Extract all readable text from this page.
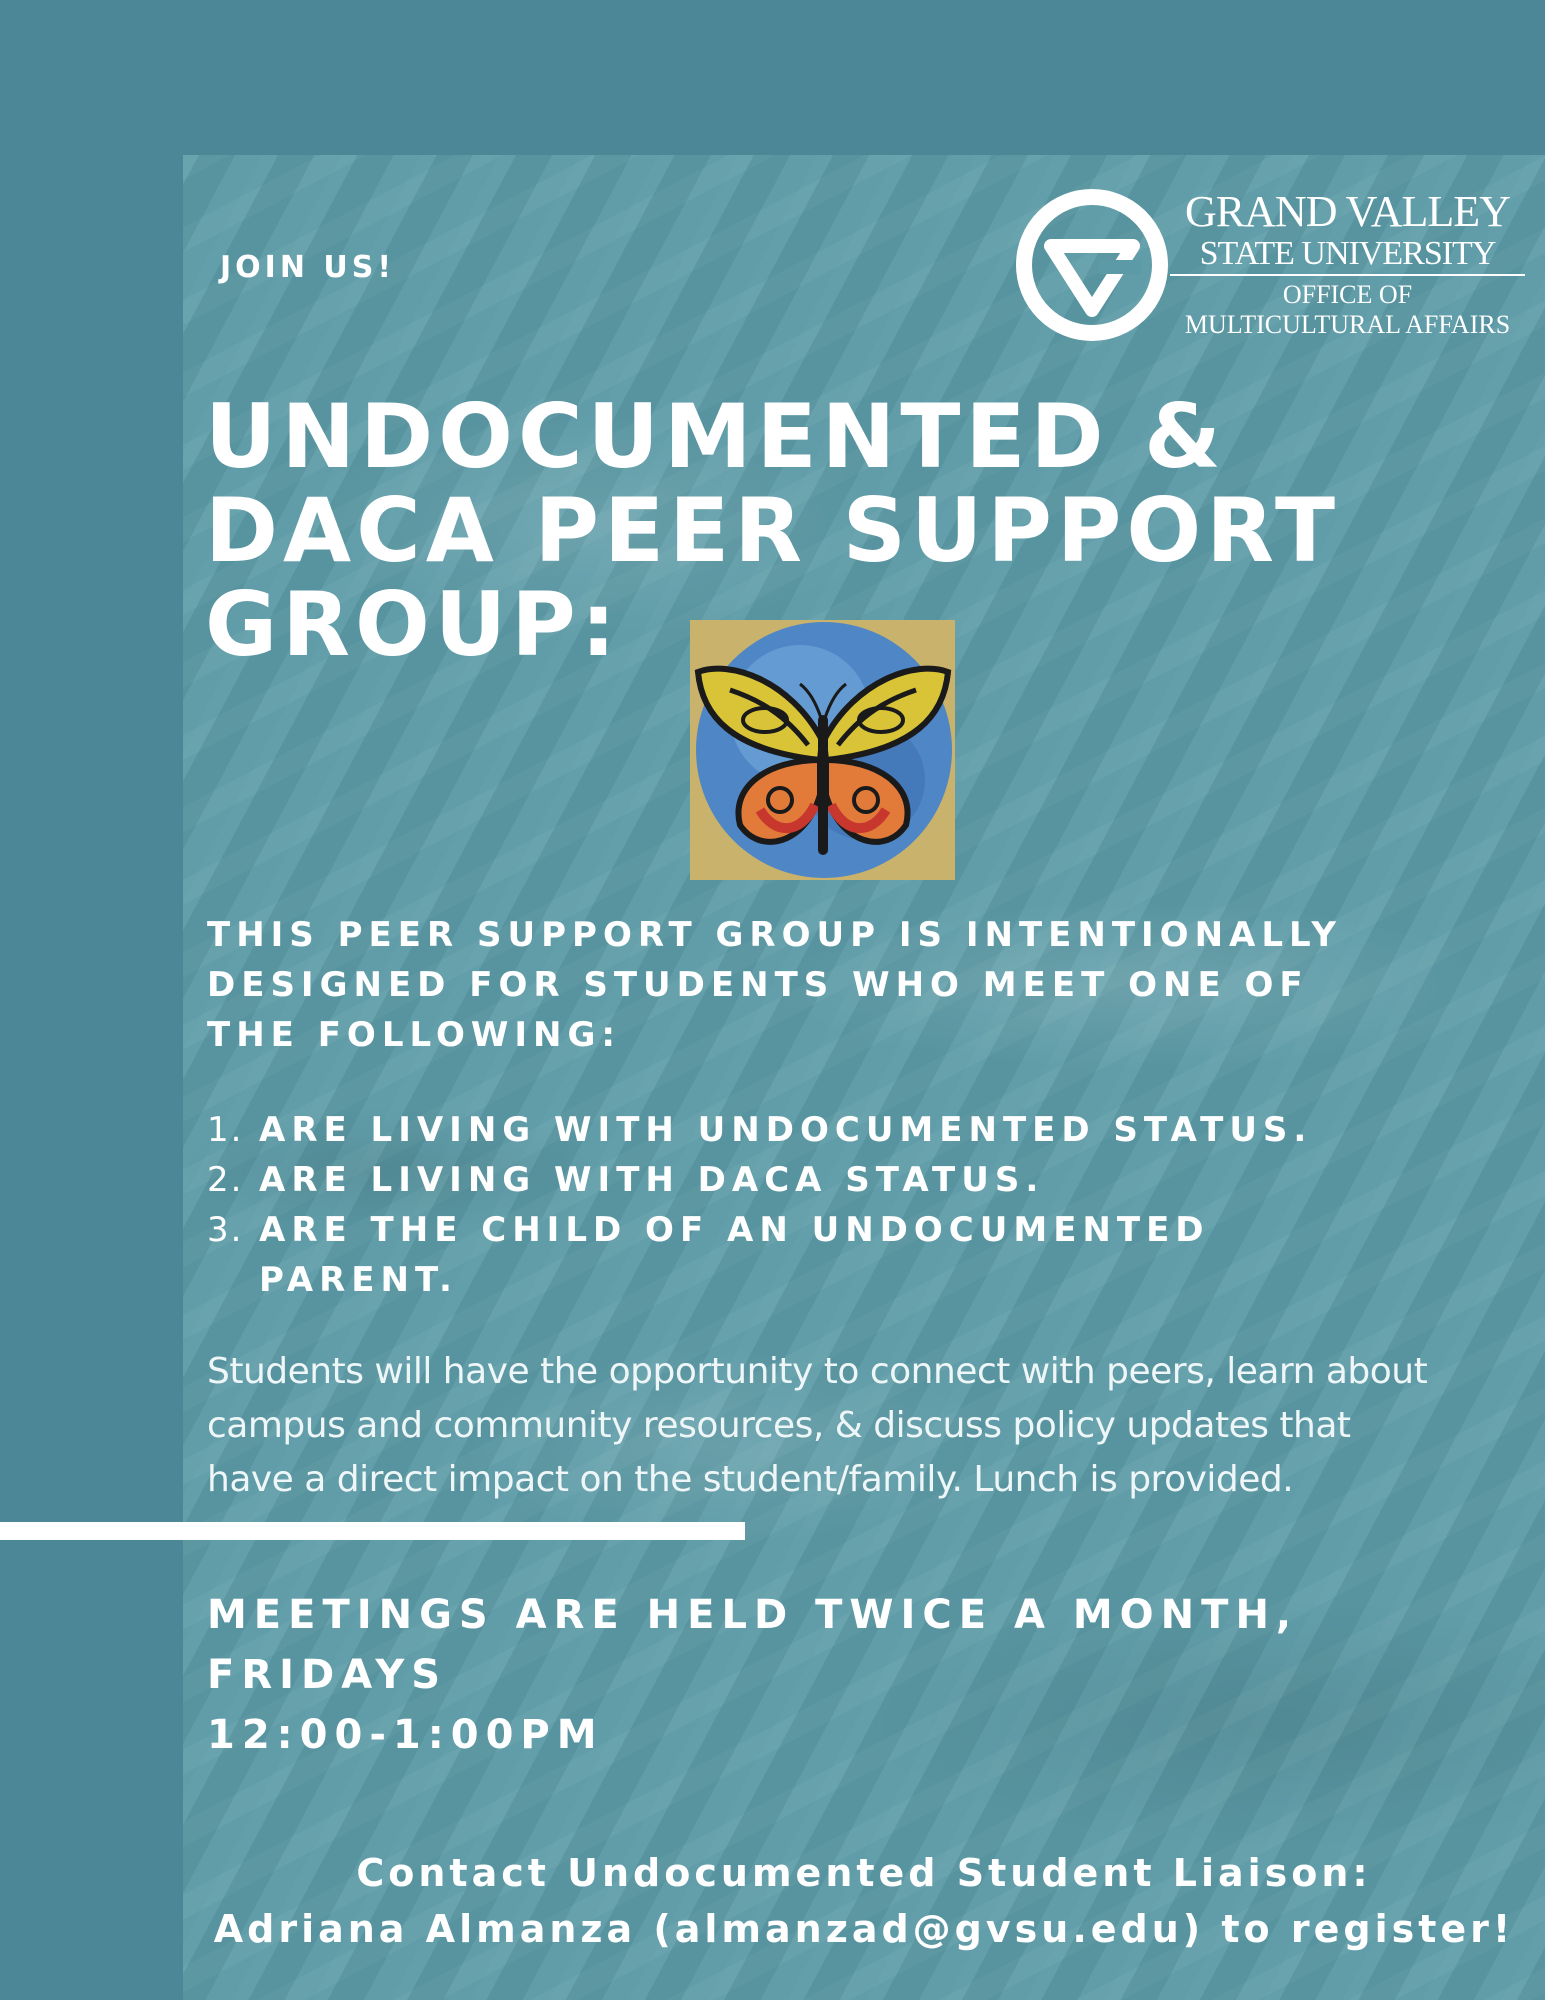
JOIN US!
GRAND VALLEY
STATE UNIVERSITY
OFFICE OF
MULTICULTURAL AFFAIRS
UNDOCUMENTED &
DACA PEER SUPPORT
GROUP:
THIS PEER SUPPORT GROUP IS INTENTIONALLY DESIGNED FOR STUDENTS WHO MEET ONE OF THE FOLLOWING:
1. ARE LIVING WITH UNDOCUMENTED STATUS.
2. ARE LIVING WITH DACA STATUS.
3. ARE THE CHILD OF AN UNDOCUMENTED PARENT.
Students will have the opportunity to connect with peers, learn about campus and community resources, & discuss policy updates that have a direct impact on the student/family. Lunch is provided.
MEETINGS ARE HELD TWICE A MONTH,
FRIDAYS
12:00-1:00PM
Contact Undocumented Student Liaison:
Adriana Almanza (almanzad@gvsu.edu) to register!
